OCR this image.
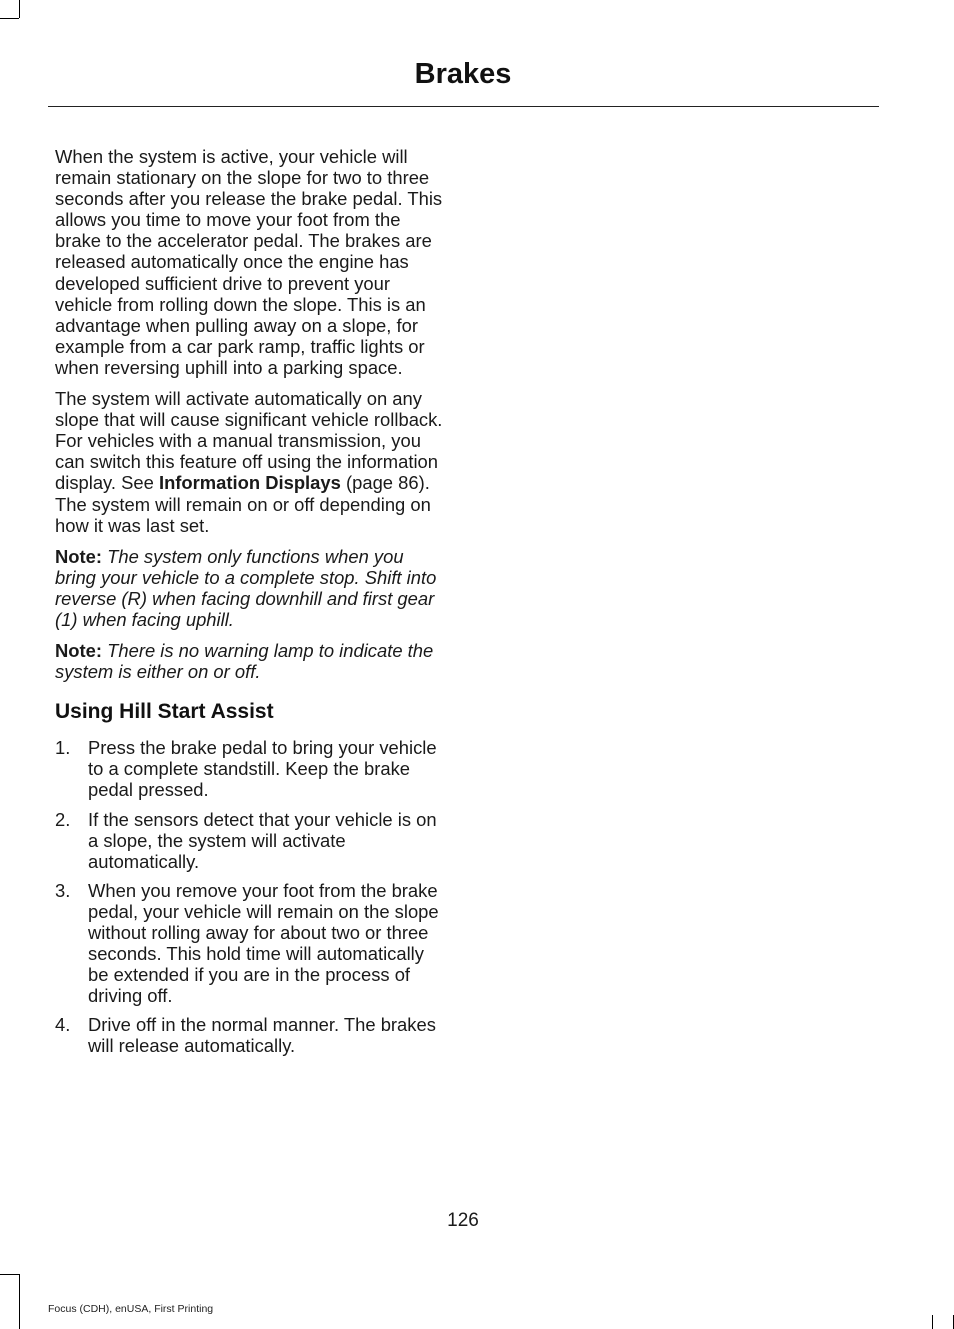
Brakes

When the system is active, your vehicle will remain stationary on the slope for two to three seconds after you release the brake pedal. This allows you time to move your foot from the brake to the accelerator pedal. The brakes are released automatically once the engine has developed sufficient drive to prevent your vehicle from rolling down the slope. This is an advantage when pulling away on a slope, for example from a car park ramp, traffic lights or when reversing uphill into a parking space.

The system will activate automatically on any slope that will cause significant vehicle rollback. For vehicles with a manual transmission, you can switch this feature off using the information display. See Information Displays (page 86). The system will remain on or off depending on how it was last set.

Note: The system only functions when you bring your vehicle to a complete stop. Shift into reverse (R) when facing downhill and first gear (1) when facing uphill.

Note: There is no warning lamp to indicate the system is either on or off.

Using Hill Start Assist
1. Press the brake pedal to bring your vehicle to a complete standstill. Keep the brake pedal pressed.
2. If the sensors detect that your vehicle is on a slope, the system will activate automatically.
3. When you remove your foot from the brake pedal, your vehicle will remain on the slope without rolling away for about two or three seconds. This hold time will automatically be extended if you are in the process of driving off.
4. Drive off in the normal manner. The brakes will release automatically.
126
Focus (CDH), enUSA, First Printing
